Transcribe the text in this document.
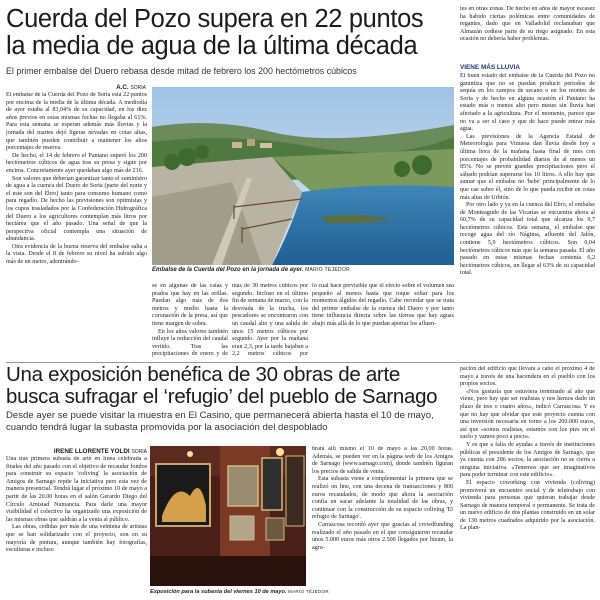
Cuerda del Pozo supera en 22 puntos
la media de agua de la última década
El primer embalse del Duero rebasa desde mitad de febrero los 200 hectómetros cúbicos
A.C. SORIA

El embalse de la Cuerda del Pozo de Soria está 22 puntos por encima de la media de la última década. A mediodía de ayer estaba al 83,04% de su capacidad, en los diez años previos en estas mismas fechas no llegaba al 61%. Para esta semana se esperan además más lluvias y la jornada del martes dejó ligeras nevadas en cotas altas, que también pueden contribuir a mantener los altos porcentajes de reserva.

De hecho, el 14 de febrero el Pantano superó los 200 hectómetros cúbicos de agua tras su presa y sigue por encima. Concretamente ayer quedaban algo más de 216.

Son valores que deberían garantizar tanto el suministro de agua a la cuenca del Duero de Soria (parte del norte y el este son del Ebro) tanto para consumo humano como para regadío. De hecho las previsiones son optimistas y los cupos trasladados por la Confederación Hidrográfica del Duero a los agricultores contemplan más litros por hectárea que el año pasado. Una señal de que la perspectiva oficial contempla una situación de abundancia.

Otra evidencia de la buena reserva del embalse salta a la vista. Desde el 8 de febrero su nivel ha subido algo más de un metro, adentrándo-

Embalse de la Cuerda del Pozo en la jornada de ayer. MARIO TEJEDOR

se en algunas de las calas y prados que hay en las orillas. Puedan algo más de dos metros y medio hasta la coronación de la presa, así que tiene margen de sobra.

En los años valores también influye la reducción del caudal vertido. Tras las precipitaciones de enero y de

más de 30 metros cúbicos por segundo. Incluso en el último fin de semana de marzo, con la desviada de la trucha, los pescadores se encontraron con un caudal alto y una salida de unos 15 metros cúbicos por segundo. Ayer por la mañana eran 2,3, por la tarde bajaban a 2,2 metros cúbicos por

lo cual hace previsible que el efecto sobre el volumen sea pequeño al menos hasta que toque soltar para los momentos álgidos del regadío. Cabe recordar que se trata del primer embalse de la cuenca del Duero y por tanto tiene influencia directa sobre las tierras que hay aguas abajo más allá de lo que puedan aportar los afluen-

tes en otras zonas. De hecho en años de mayor escasez ha habido ciertas polémicas entre comunidades de regantes, dado que en Valladolid reclamaban que Almazán cediese parte de su riego asignado. En esta ocasión no debería haber problemas.

VIENE MÁS LLUVIA

El buen estado del embalse de la Cuerda del Pozo no garantiza que no se puedan producir periodos de sequía en los campos de secano o en los montes de Soria y de hecho en alguna ocasión el Pantano ha estado más o menos alto pero meses sin lluvia han afectado a la agricultura. Por el momento, parece que no va a ser el caso y que de hace puede entrar más agua.

Las previsiones de la Agencia Estatal de Meteorología para Vinuesa dan lluvia desde hoy a última hora de la mañana hasta final de mes con porcentajes de probabilidad diarios de al menos un 85%. No se prevén grandes precipitaciones pero el sábado podrían superarse los 10 litros. A ello hay que sumar que el embalse no 'bebe' principalmente de lo que cae sobre él, sino de lo que pueda recibir en cotas más altas de Urbión.

Por otro lado y ya en la cuenca del Ebro, el embalse de Monteagudo de las Vicarías se encuentra ahora al 60,7% de su capacidad total que alcanza los 9,7 hectómetros cúbicos. Esta semana, el embalse que recoge agua del río Nágima, afluente del Jalón, contiene 5,9 hectómetros cúbicos. Son 0,04 hectómetros cúbicos más que la semana pasada. El año pasado en estas mismas fechas contenía 6,2 hectómetros cúbicos, un llegar al 63% de su capacidad total.

Una exposición benéfica de 30 obras de arte
busca sufragar el ‘refugio’ del pueblo de Sarnago
Desde ayer se puede visitar la muestra en El Casino, que permanecerá abierta hasta el 10 de mayo, cuando tendrá lugar la subasta promovida por la asociación del despoblado
IRENE LLORENTE YOLDI SORIA

Una tras primera subasta de arte en línea celebrada a finales del año pasado con el objetivo de recaudar fondos para construir su espacio 'coliving' la asociación de Amigos de Sarnago repite la iniciativa pero esta vez de manera presencial. Tendrá lugar el próximo 10 de mayo a partir de las 20.00 horas en el salón Gerardo Diego del Círculo Amistad Numancia. Para darle una mayor visibilidad el colectivo ha organizado una exposición de las mismas obras que saldrán a la venta al público.

Las obras, cedidas por más de una veintena de artistas que se han solidarizado con el proyecto, son en su mayoría de pintura, aunque también hay fotografías, esculturas e incluso

Exposición para la subasta del viernes 10 de mayo. MARIO TEJEDOR

brará allí mismo el 10 de mayo a las 20,00 horas. Además, se pueden ver en la página web de los Amigos de Sarnago (www.sarnago.com), donde también figuran los precios de salida de venta.

Esta subasta viene a complementar la primera que se realizó on line, con una decena de transacciones y 800 euros recaudados, de modo que ahora la asociación confía en sacar adelante la totalidad de las obras, y continuar con la construcción de su espacio coliving 'El refugio de Sarnago'.

Carrascosa recordó ayer que gracias al crowdfunding realizado el año pasado en el que consiguieron recaudar unos 5.000 euros más otros 2.500 llegados por bizum, la agru-

pación del edificio que llevará a cabo el próximo 4 de mayo a través de una hacendera en el pueblo con los propios socios.

«Nos gustaría que estuviera terminado al año que viene, pero hay que ser realistas y nos hemos dado un plazo de tres o cuatro años», indicó Carrascosa. Y es que no hay que olvidar que este proyecto cuenta con una inversión necesaria en torno a los 200.000 euros, así que «somos realistas, estamos con los pies en el suelo y vamos poco a poco».

Y es que a falta de ayudas a través de instituciones públicas el presidente de los Amigos de Sarnago, que ya cuenta con 286 socios, la asociación no se cierra a ninguna iniciativa. «Tenemos que ser imaginativos para poder terminar con este edificio».

El espacio coworking con vivienda (coliving) promoverá un encuentro social y de teletrabajo con vivienda para personas que quieran trabajar desde Sarnago de manera temporal o permanente. Se trata de un nuevo edificio de dos plantas construido en un solar de 130 metros cuadrados adquirido por la asociación. La plan-
